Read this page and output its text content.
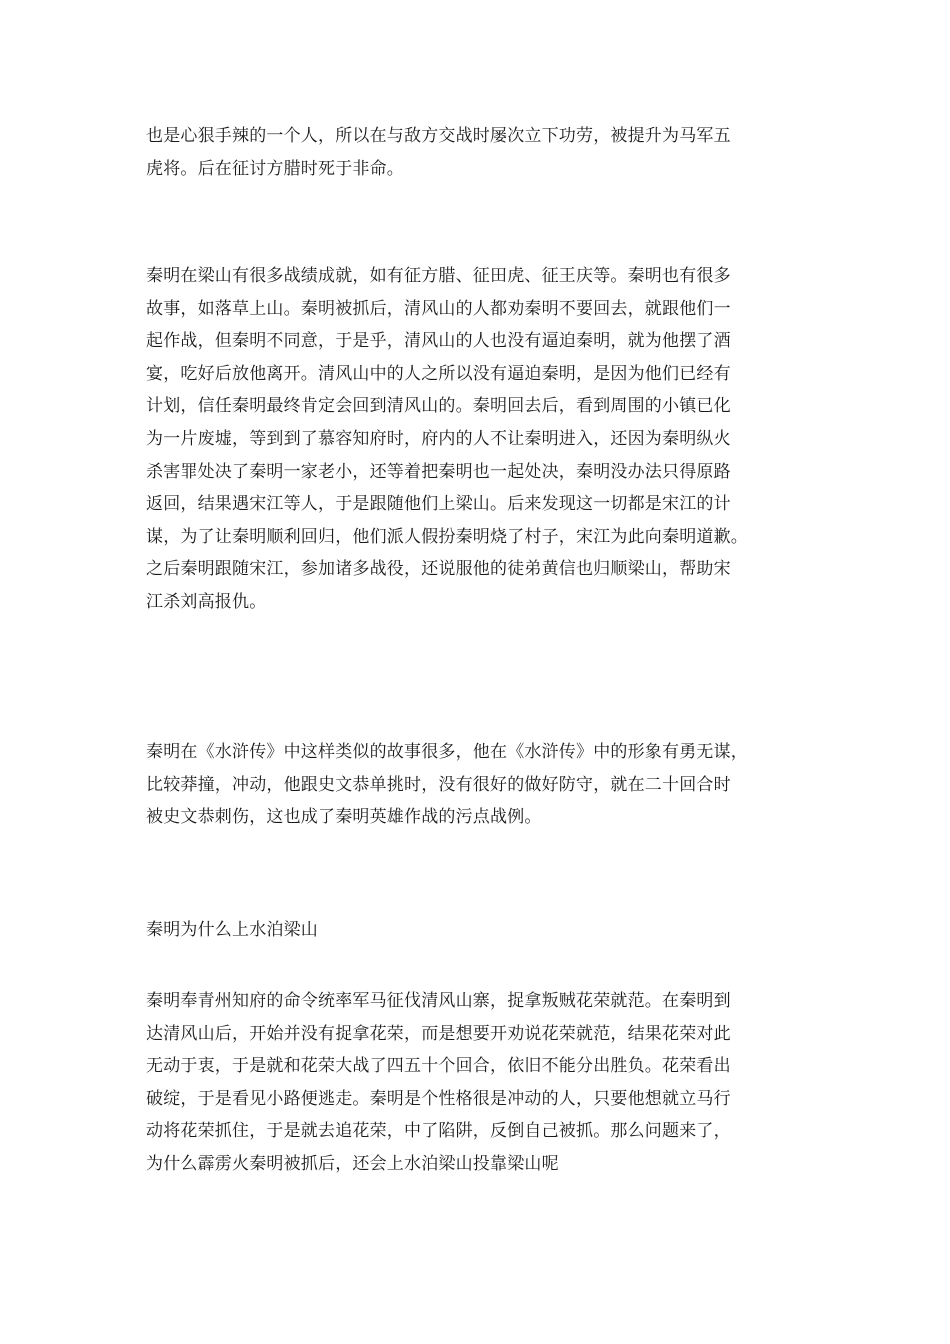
也是心狠手辣的一个人，所以在与敌方交战时屡次立下功劳，被提升为马军五
虎将。后在征讨方腊时死于非命。
秦明在梁山有很多战绩成就，如有征方腊、征田虎、征王庆等。秦明也有很多
故事，如落草上山。秦明被抓后，清风山的人都劝秦明不要回去，就跟他们一
起作战，但秦明不同意，于是乎，清风山的人也没有逼迫秦明，就为他摆了酒
宴，吃好后放他离开。清风山中的人之所以没有逼迫秦明，是因为他们已经有
计划，信任秦明最终肯定会回到清风山的。秦明回去后，看到周围的小镇已化
为一片废墟，等到到了慕容知府时，府内的人不让秦明进入，还因为秦明纵火
杀害罪处决了秦明一家老小，还等着把秦明也一起处决，秦明没办法只得原路
返回，结果遇宋江等人，于是跟随他们上梁山。后来发现这一切都是宋江的计
谋，为了让秦明顺利回归，他们派人假扮秦明烧了村子，宋江为此向秦明道歉。
之后秦明跟随宋江，参加诸多战役，还说服他的徒弟黄信也归顺梁山，帮助宋
江杀刘高报仇。
秦明在《水浒传》中这样类似的故事很多，他在《水浒传》中的形象有勇无谋，
比较莽撞，冲动，他跟史文恭单挑时，没有很好的做好防守，就在二十回合时
被史文恭刺伤，这也成了秦明英雄作战的污点战例。
秦明为什么上水泊梁山
秦明奉青州知府的命令统率军马征伐清风山寨，捉拿叛贼花荣就范。在秦明到
达清风山后，开始并没有捉拿花荣，而是想要开劝说花荣就范，结果花荣对此
无动于衷，于是就和花荣大战了四五十个回合，依旧不能分出胜负。花荣看出
破绽，于是看见小路便逃走。秦明是个性格很是冲动的人，只要他想就立马行
动将花荣抓住，于是就去追花荣，中了陷阱，反倒自己被抓。那么问题来了，
为什么霹雳火秦明被抓后，还会上水泊梁山投靠梁山呢
